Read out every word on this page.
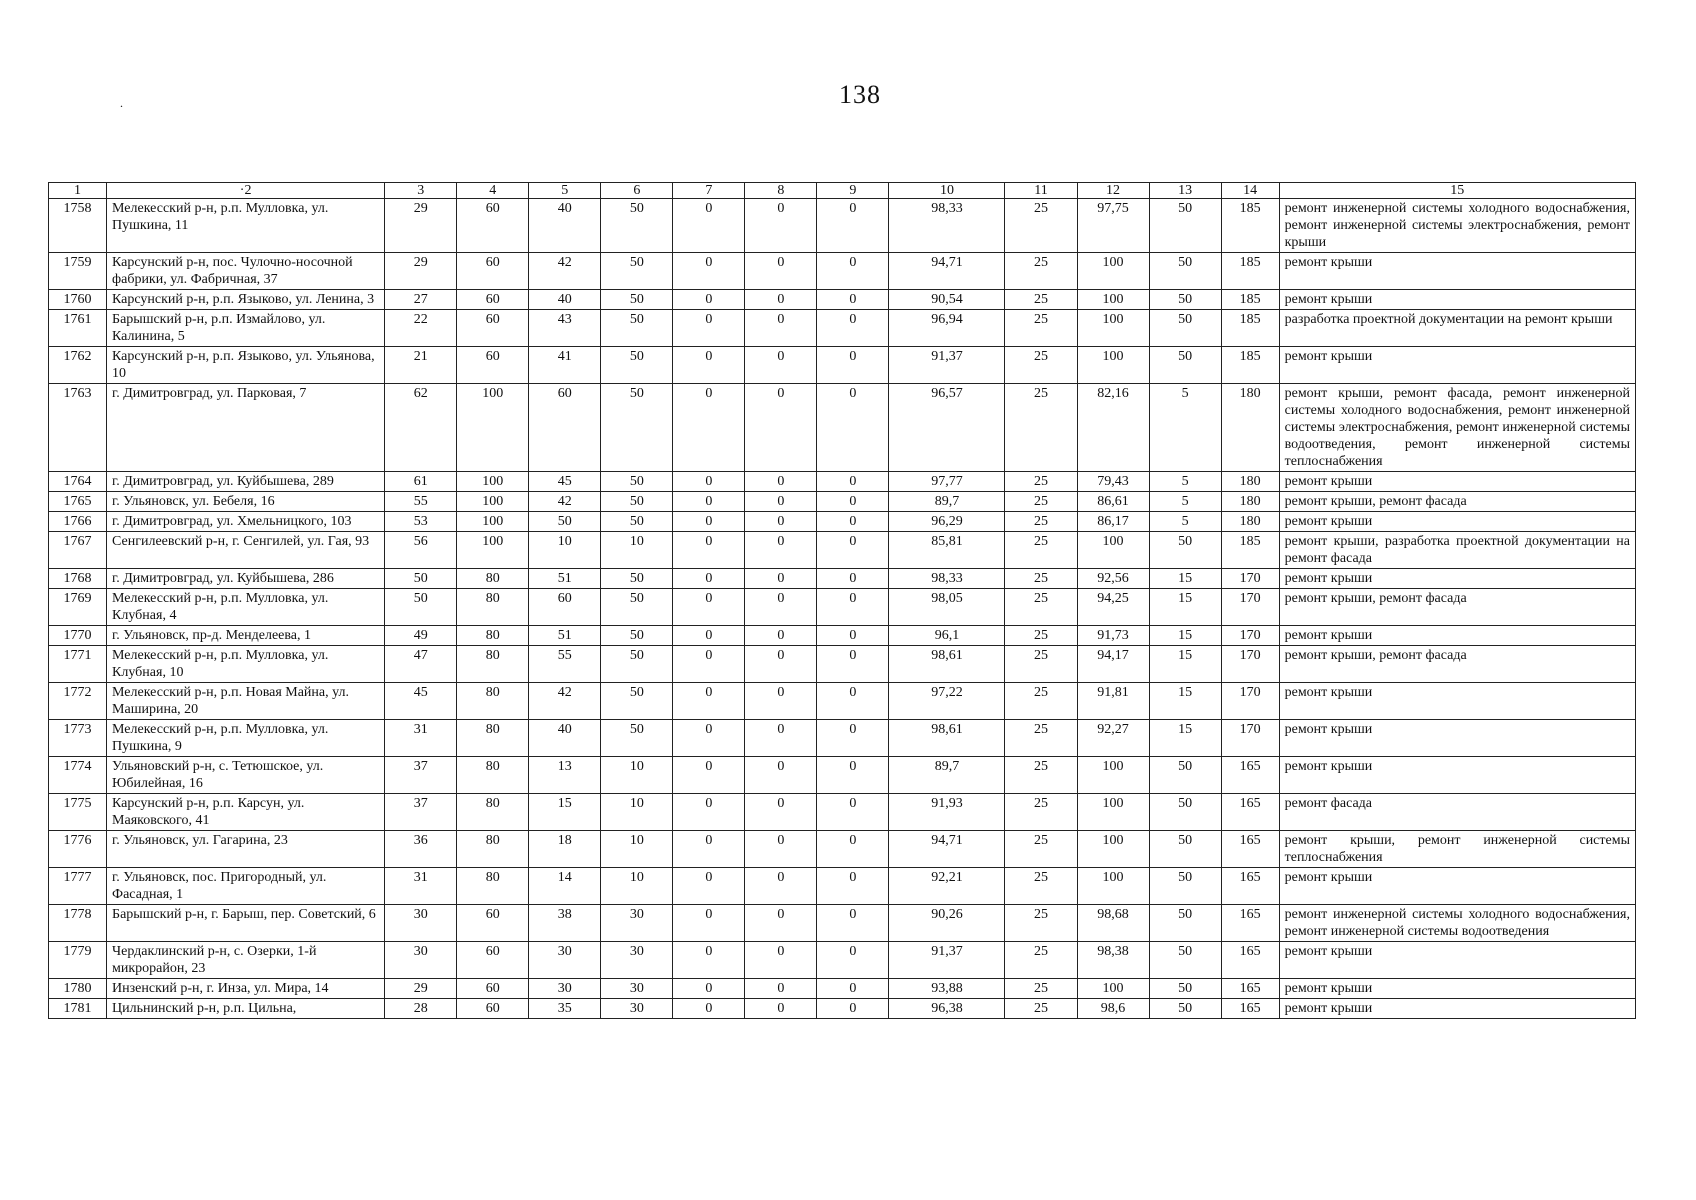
138
.
1	·2	3	4	5	6	7	8	9	10	11	12	13	14	15
1758	Мелекесский р-н, р.п. Мулловка, ул. Пушкина, 11	29	60	40	50	0	0	0	98,33	25	97,75	50	185	ремонт инженерной системы холодного водоснабжения, ремонт инженерной системы электроснабжения, ремонт крыши
1759	Карсунский р-н, пос. Чулочно-носочной фабрики, ул. Фабричная, 37	29	60	42	50	0	0	0	94,71	25	100	50	185	ремонт крыши
1760	Карсунский р-н, р.п. Языково, ул. Ленина, 3	27	60	40	50	0	0	0	90,54	25	100	50	185	ремонт крыши
1761	Барышский р-н, р.п. Измайлово, ул. Калинина, 5	22	60	43	50	0	0	0	96,94	25	100	50	185	разработка проектной документации на ремонт крыши
1762	Карсунский р-н, р.п. Языково, ул. Ульянова, 10	21	60	41	50	0	0	0	91,37	25	100	50	185	ремонт крыши
1763	г. Димитровград, ул. Парковая, 7	62	100	60	50	0	0	0	96,57	25	82,16	5	180	ремонт крыши, ремонт фасада, ремонт инженерной системы холодного водоснабжения, ремонт инженерной системы электроснабжения, ремонт инженерной системы водоотведения, ремонт инженерной системы теплоснабжения
1764	г. Димитровград, ул. Куйбышева, 289	61	100	45	50	0	0	0	97,77	25	79,43	5	180	ремонт крыши
1765	г. Ульяновск, ул. Бебеля, 16	55	100	42	50	0	0	0	89,7	25	86,61	5	180	ремонт крыши, ремонт фасада
1766	г. Димитровград, ул. Хмельницкого, 103	53	100	50	50	0	0	0	96,29	25	86,17	5	180	ремонт крыши
1767	Сенгилеевский р-н, г. Сенгилей, ул. Гая, 93	56	100	10	10	0	0	0	85,81	25	100	50	185	ремонт крыши, разработка проектной документации на ремонт фасада
1768	г. Димитровград, ул. Куйбышева, 286	50	80	51	50	0	0	0	98,33	25	92,56	15	170	ремонт крыши
1769	Мелекесский р-н, р.п. Мулловка, ул. Клубная, 4	50	80	60	50	0	0	0	98,05	25	94,25	15	170	ремонт крыши, ремонт фасада
1770	г. Ульяновск, пр-д. Менделеева, 1	49	80	51	50	0	0	0	96,1	25	91,73	15	170	ремонт крыши
1771	Мелекесский р-н, р.п. Мулловка, ул. Клубная, 10	47	80	55	50	0	0	0	98,61	25	94,17	15	170	ремонт крыши, ремонт фасада
1772	Мелекесский р-н, р.п. Новая Майна, ул. Маширина, 20	45	80	42	50	0	0	0	97,22	25	91,81	15	170	ремонт крыши
1773	Мелекесский р-н, р.п. Мулловка, ул. Пушкина, 9	31	80	40	50	0	0	0	98,61	25	92,27	15	170	ремонт крыши
1774	Ульяновский р-н, с. Тетюшское, ул. Юбилейная, 16	37	80	13	10	0	0	0	89,7	25	100	50	165	ремонт крыши
1775	Карсунский р-н, р.п. Карсун, ул. Маяковского, 41	37	80	15	10	0	0	0	91,93	25	100	50	165	ремонт фасада
1776	г. Ульяновск, ул. Гагарина, 23	36	80	18	10	0	0	0	94,71	25	100	50	165	ремонт крыши, ремонт инженерной системы теплоснабжения
1777	г. Ульяновск, пос. Пригородный, ул. Фасадная, 1	31	80	14	10	0	0	0	92,21	25	100	50	165	ремонт крыши
1778	Барышский р-н, г. Барыш, пер. Советский, 6	30	60	38	30	0	0	0	90,26	25	98,68	50	165	ремонт инженерной системы холодного водоснабжения, ремонт инженерной системы водоотведения
1779	Чердаклинский р-н, с. Озерки, 1-й микрорайон, 23	30	60	30	30	0	0	0	91,37	25	98,38	50	165	ремонт крыши
1780	Инзенский р-н, г. Инза, ул. Мира, 14	29	60	30	30	0	0	0	93,88	25	100	50	165	ремонт крыши
1781	Цильнинский р-н, р.п. Цильна,	28	60	35	30	0	0	0	96,38	25	98,6	50	165	ремонт крыши
